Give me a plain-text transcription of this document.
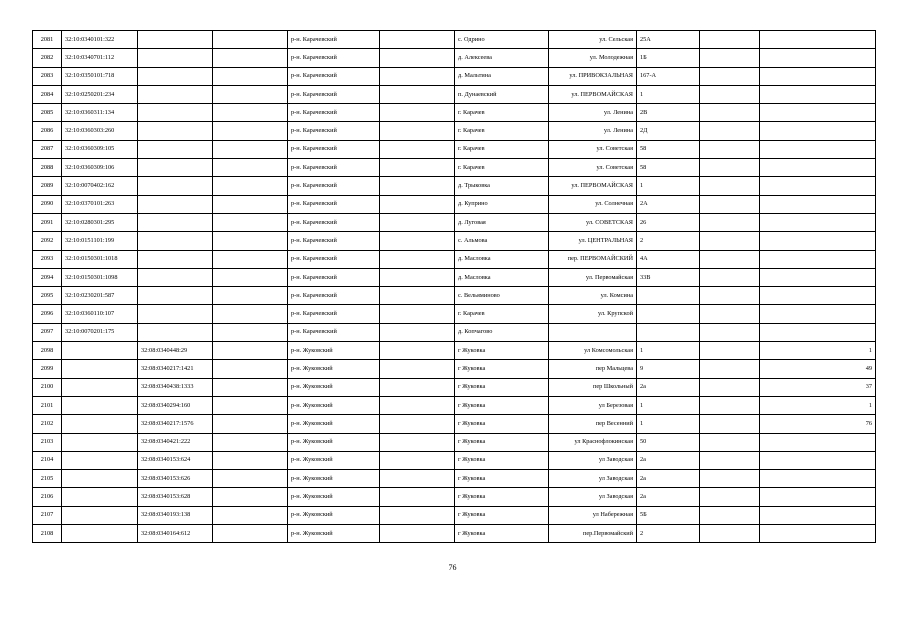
2081	32:10:0340101:322			р-н. Карачевский		с. Одрино	ул. Сельская	25А		
2082	32:10:0340701:112			р-н. Карачевский		д. Алексеева	ул. Молодежная	1Б		
2083	32:10:0350101:718			р-н. Карачевский		д. Мальтина	ул. ПРИВОКЗАЛЬНАЯ	167-А		
2084	32:10:0250201:234			р-н. Карачевский		п. Дунаевский	ул. ПЕРВОМАЙСКАЯ	1		
2085	32:10:0360311:134			р-н. Карачевский		г. Карачев	ул. Ленина	2В		
2086	32:10:0360303:260			р-н. Карачевский		г. Карачев	ул. Ленина	2Д		
2087	32:10:0360309:105			р-н. Карачевский		г. Карачев	ул. Советская	58		
2088	32:10:0360309:106			р-н. Карачевский		г. Карачев	ул. Советская	58		
2089	32:10:0070402:162			р-н. Карачевский		д. Трыковка	ул. ПЕРВОМАЙСКАЯ	1		
2090	32:10:0370101:263			р-н. Карачевский		д. Куприно	ул. Солнечная	2А		
2091	32:10:0280301:295			р-н. Карачевский		д. Луговая	ул. СОВЕТСКАЯ	26		
2092	32:10:0151101:199			р-н. Карачевский		с. Альмова	ул. ЦЕНТРАЛЬНАЯ	2		
2093	32:10:0150301:1018			р-н. Карачевский		д. Масловка	пер. ПЕРВОМАЙСКИЙ	4А		
2094	32:10:0150301:1098			р-н. Карачевский		д. Масловка	ул. Первомайская	33В		
2095	32:10:0230201:587			р-н. Карачевский		с. Вельяминово	ул. Комсина			
2096	32:10:0360110:107			р-н. Карачевский		г. Карачев	ул. Крупской			
2097	32:10:0070201:175			р-н. Карачевский		д. Копчагово				
2098		32:08:0340448:29		р-н. Жуковский		г Жуковка	ул Комсомольская	1		1
2099		32:08:0340217:1421		р-н. Жуковский		г Жуковка	пер Мальцева	9		49
2100		32:08:0340438:1333		р-н. Жуковский		г Жуковка	пер Школьный	2а		37
2101		32:08:0340294:160		р-н. Жуковский		г Жуковка	ул Березовая	1		1
2102		32:08:0340217:1576		р-н. Жуковский		г Жуковка	пер Весенний	1		76
2103		32:08:0340421:222		р-н. Жуковский		г Жуковка	ул Краснофлокинская	50		
2104		32:08:0340153:624		р-н. Жуковский		г Жуковка	ул Заводская	2а		
2105		32:08:0340153:626		р-н. Жуковский		г Жуковка	ул Заводская	2а		
2106		32:08:0340153:628		р-н. Жуковский		г Жуковка	ул Заводская	2а		
2107		32:08:0340193:138		р-н. Жуковский		г Жуковка	ул Набережная	5Б		
2108		32:08:0340164:612		р-н. Жуковский		г Жуковка	пер.Первомайский	2		
76
